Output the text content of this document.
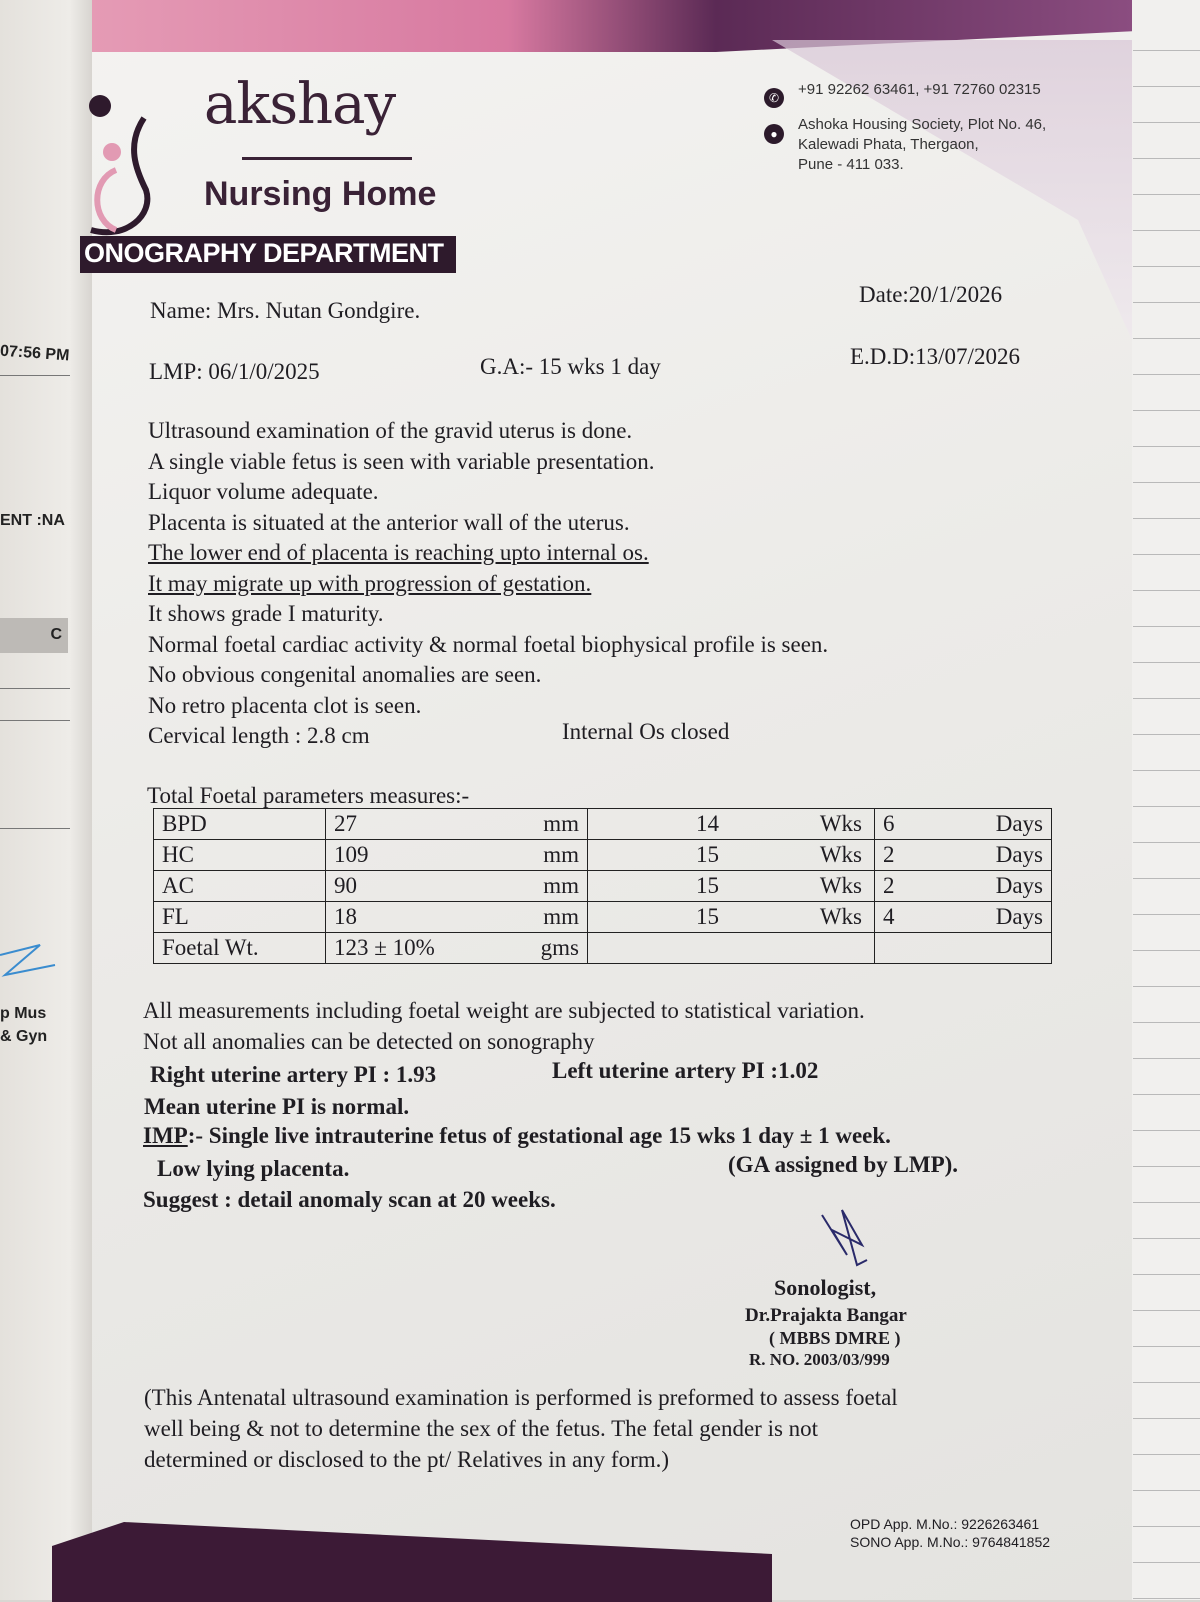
07:56 PM
ENT :NA
C
p Mus
& Gyn
akshay
Nursing Home
ONOGRAPHY DEPARTMENT
✆	+91 92262 63461, +91 72760 02315
●
Ashoka Housing Society, Plot No. 46,
Kalewadi Phata, Thergaon,
Pune - 411 033.
Name: Mrs. Nutan Gondgire.
Date:20/1/2026
LMP: 06/1/0/2025	G.A:- 15 wks 1 day	E.D.D:13/07/2026
Ultrasound examination of the gravid uterus is done.
A single viable fetus is seen with variable presentation.
Liquor volume adequate.
Placenta is situated at the anterior wall of the uterus.
The lower end of placenta is reaching upto internal os.
It may migrate up with progression of gestation.
It shows grade I maturity.
Normal foetal cardiac activity & normal foetal biophysical profile is seen.
No obvious congenital anomalies are seen.
No retro placenta clot is seen.
Cervical length : 2.8 cm	Internal Os closed
Total Foetal parameters measures:-
BPD	27 mm	14 Wks	6 Days

HC	109 mm	15 Wks	2 Days

AC	90 mm	15 Wks	2 Days

FL	18 mm	15 Wks	4 Days

Foetal Wt.	123 ± 10% gms		

All measurements including foetal weight are subjected to statistical variation.
Not all anomalies can be detected on sonography
Right uterine artery PI : 1.93	Left uterine artery PI :1.02
Mean uterine PI is normal.
IMP:- Single live intrauterine fetus of gestational age 15 wks 1 day ± 1 week.
Low lying placenta.	(GA assigned by LMP).
Suggest : detail anomaly scan at 20 weeks.
Sonologist,
Dr.Prajakta Bangar
( MBBS DMRE )
R. NO. 2003/03/999
(This Antenatal ultrasound examination is performed is preformed to assess foetal
well being & not to determine the sex of the fetus. The fetal gender is not
determined or disclosed to the pt/ Relatives in any form.)
OPD App. M.No.: 9226263461
SONO App. M.No.: 9764841852
